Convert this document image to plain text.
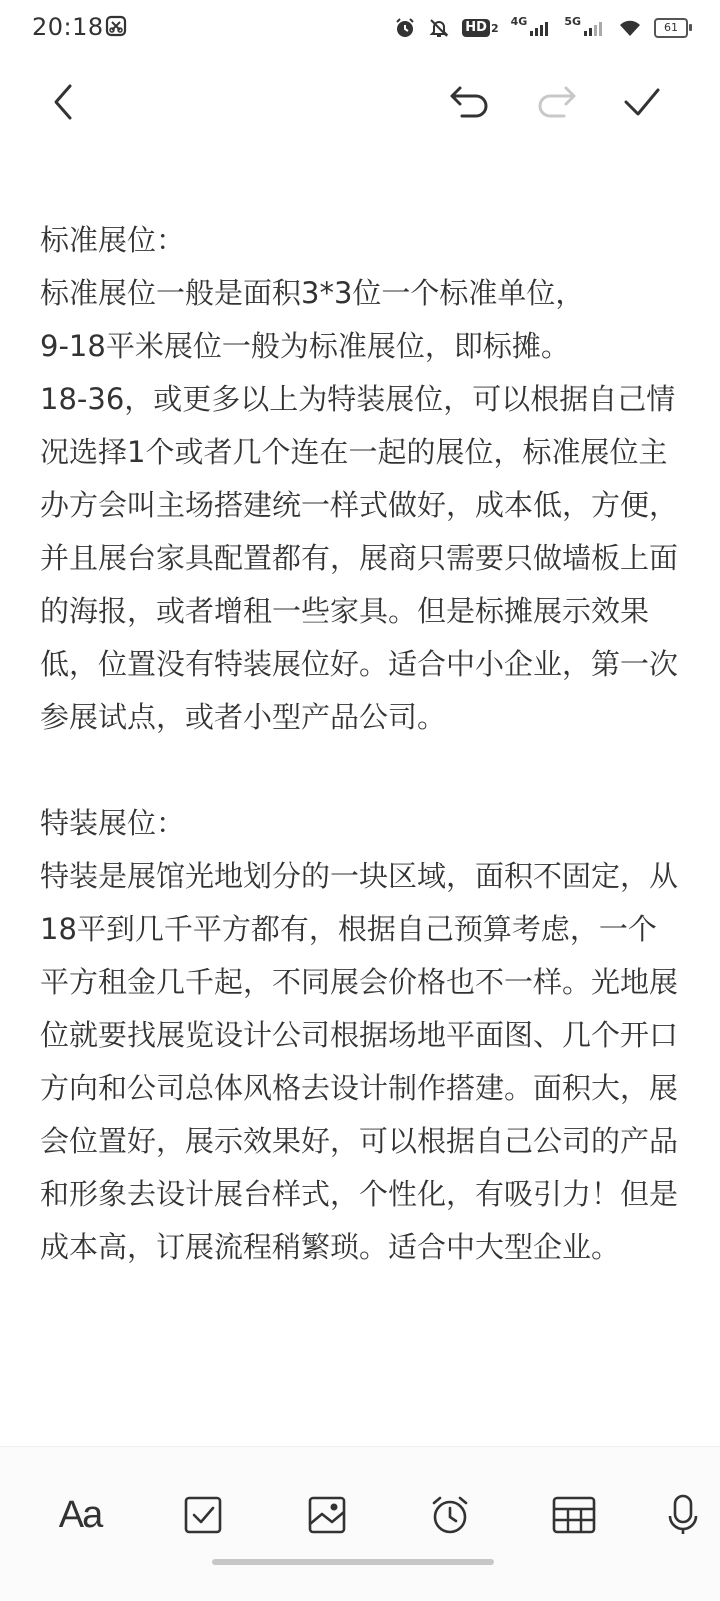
20:18	HD 2 4G	5G	61

标准展位：

标准展位一般是面积3*3位一个标准单位，

9-18平米展位一般为标准展位，即标摊。

18-36，或更多以上为特装展位，可以根据自己情况选择1个或者几个连在一起的展位，标准展位主办方会叫主场搭建统一样式做好，成本低，方便，并且展台家具配置都有，展商只需要只做墙板上面的海报，或者增租一些家具。但是标摊展示效果低，位置没有特装展位好。适合中小企业，第一次参展试点，或者小型产品公司。

特装展位：

特装是展馆光地划分的一块区域，面积不固定，从18平到几千平方都有，根据自己预算考虑，一个平方租金几千起，不同展会价格也不一样。光地展位就要找展览设计公司根据场地平面图、几个开口方向和公司总体风格去设计制作搭建。面积大，展会位置好，展示效果好，可以根据自己公司的产品和形象去设计展台样式，个性化，有吸引力！但是成本高，订展流程稍繁琐。适合中大型企业。

Aa
